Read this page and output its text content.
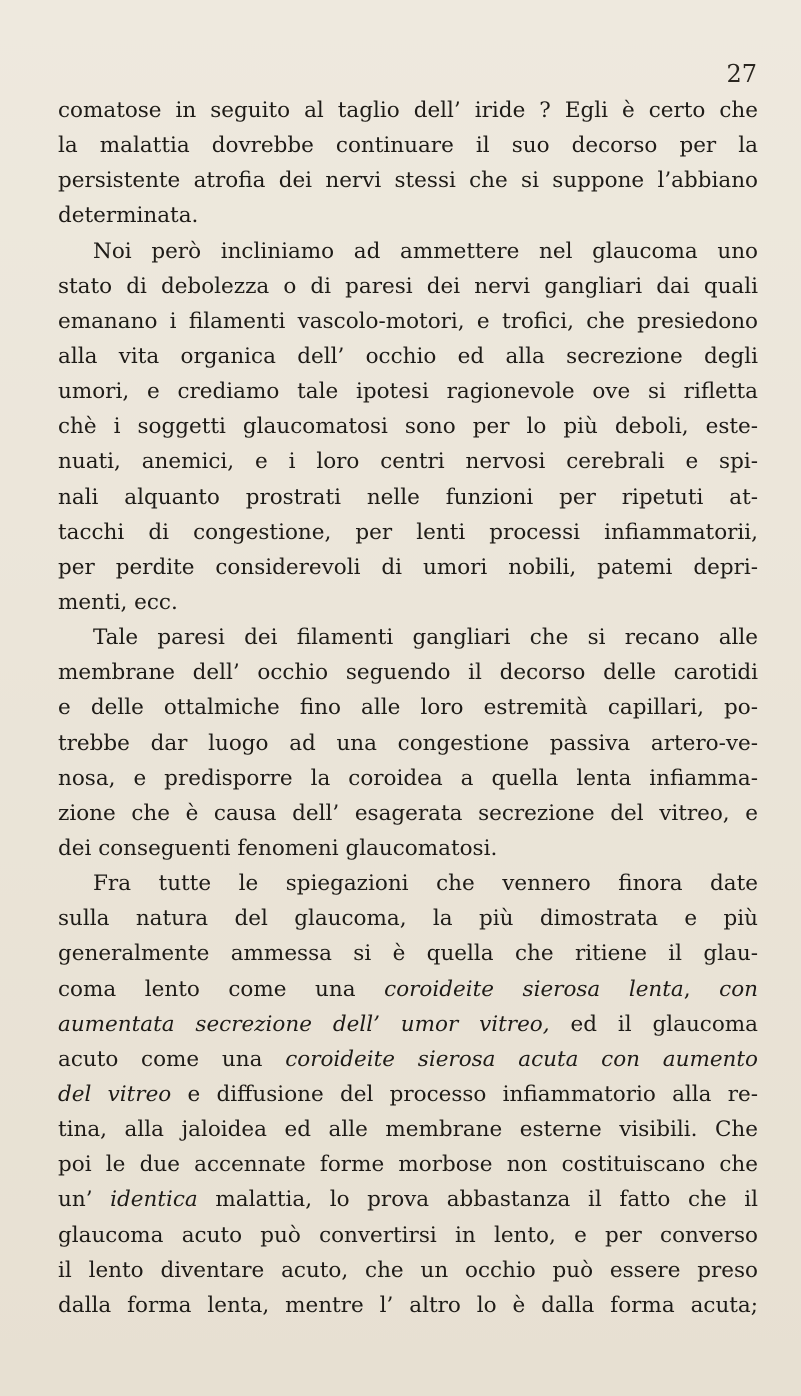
27
comatose in seguito al taglio dell’ iride ? Egli è certo che
la malattia dovrebbe continuare il suo decorso per la
persistente atrofia dei nervi stessi che si suppone l’abbiano
determinata.
Noi però incliniamo ad ammettere nel glaucoma uno
stato di debolezza o di paresi dei nervi gangliari dai quali
emanano i filamenti vascolo-motori, e trofici, che presiedono
alla vita organica dell’ occhio ed alla secrezione degli
umori, e crediamo tale ipotesi ragionevole ove si rifletta
chè i soggetti glaucomatosi sono per lo più deboli, este-
nuati, anemici, e i loro centri nervosi cerebrali e spi-
nali alquanto prostrati nelle funzioni per ripetuti at-
tacchi di congestione, per lenti processi infiammatorii,
per perdite considerevoli di umori nobili, patemi depri-
menti, ecc.
Tale paresi dei filamenti gangliari che si recano alle
membrane dell’ occhio seguendo il decorso delle carotidi
e delle ottalmiche fino alle loro estremità capillari, po-
trebbe dar luogo ad una congestione passiva artero-ve-
nosa, e predisporre la coroidea a quella lenta infiamma-
zione che è causa dell’ esagerata secrezione del vitreo, e
dei conseguenti fenomeni glaucomatosi.
Fra tutte le spiegazioni che vennero finora date
sulla natura del glaucoma, la più dimostrata e più
generalmente ammessa si è quella che ritiene il glau-
coma lento come una coroideite sierosa lenta, con
aumentata secrezione dell’ umor vitreo, ed il glaucoma
acuto come una coroideite sierosa acuta con aumento
del vitreo e diffusione del processo infiammatorio alla re-
tina, alla jaloidea ed alle membrane esterne visibili. Che
poi le due accennate forme morbose non costituiscano che
un’ identica malattia, lo prova abbastanza il fatto che il
glaucoma acuto può convertirsi in lento, e per converso
il lento diventare acuto, che un occhio può essere preso
dalla forma lenta, mentre l’ altro lo è dalla forma acuta;
